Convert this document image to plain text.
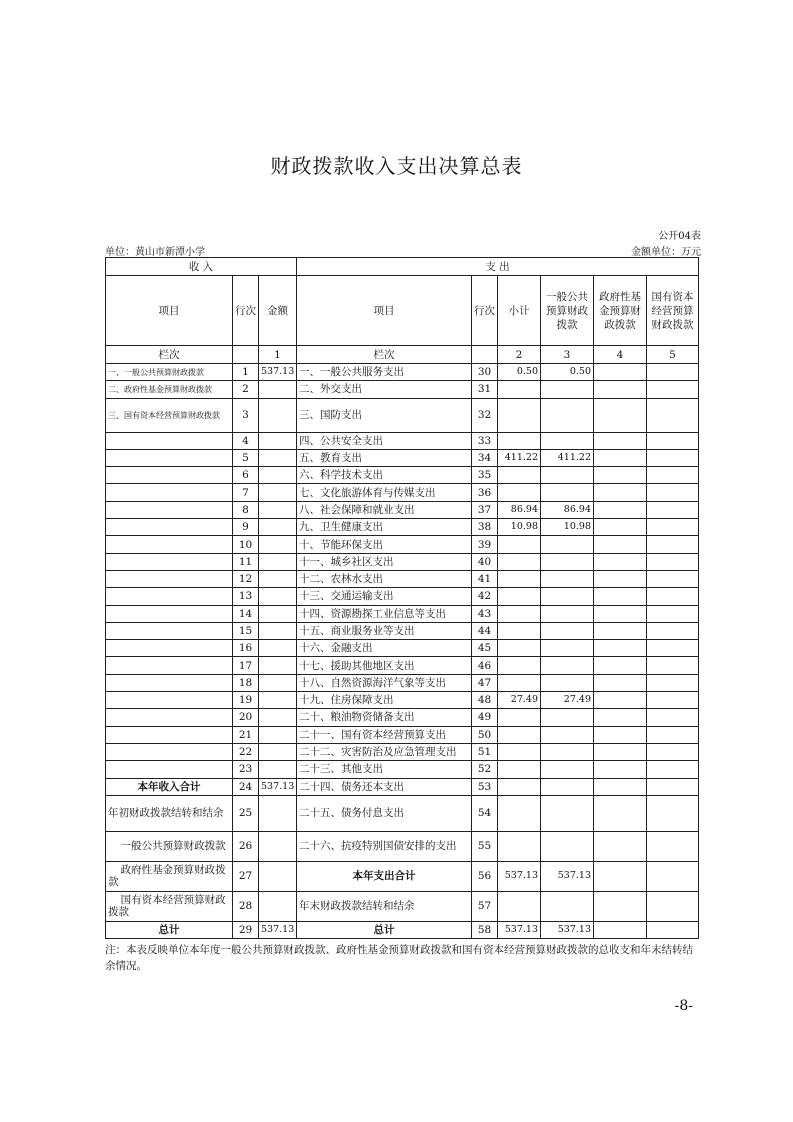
财政拨款收入支出决算总表
公开04表
单位：黄山市新潭小学	金额单位：万元
收 入			支 出					
项目	行次	金额	项目	行次	小计	一般公共预算财政拨款	政府性基金预算财政拨款	国有资本经营预算财政拨款
栏次		1	栏次		2	3	4	5
一、一般公共预算财政拨款	1	537.13	一、一般公共服务支出	30	0.50	0.50		
二、政府性基金预算财政拨款	2		二、外交支出	31				
三、国有资本经营预算财政拨款	3		三、国防支出	32				
	4		四、公共安全支出	33				
	5		五、教育支出	34	411.22	411.22		
	6		六、科学技术支出	35				
	7		七、文化旅游体育与传媒支出	36				
	8		八、社会保障和就业支出	37	86.94	86.94		
	9		九、卫生健康支出	38	10.98	10.98		
	10		十、节能环保支出	39				
	11		十一、城乡社区支出	40				
	12		十二、农林水支出	41				
	13		十三、交通运输支出	42				
	14		十四、资源勘探工业信息等支出	43				
	15		十五、商业服务业等支出	44				
	16		十六、金融支出	45				
	17		十七、援助其他地区支出	46				
	18		十八、自然资源海洋气象等支出	47				
	19		十九、住房保障支出	48	27.49	27.49		
	20		二十、粮油物资储备支出	49				
	21		二十一、国有资本经营预算支出	50				
	22		二十二、灾害防治及应急管理支出	51				
	23		二十三、其他支出	52				
本年收入合计	24	537.13	二十四、债务还本支出	53				
年初财政拨款结转和结余	25		二十五、债务付息支出	54				
一般公共预算财政拨款	26		二十六、抗疫特别国债安排的支出	55				
政府性基金预算财政拨款	27		本年支出合计	56	537.13	537.13		
国有资本经营预算财政拨款	28		年末财政拨款结转和结余	57				
总计	29	537.13	总计	58	537.13	537.13		
注：本表反映单位本年度一般公共预算财政拨款、政府性基金预算财政拨款和国有资本经营预算财政拨款的总收支和年末结转结余情况。
-8-
